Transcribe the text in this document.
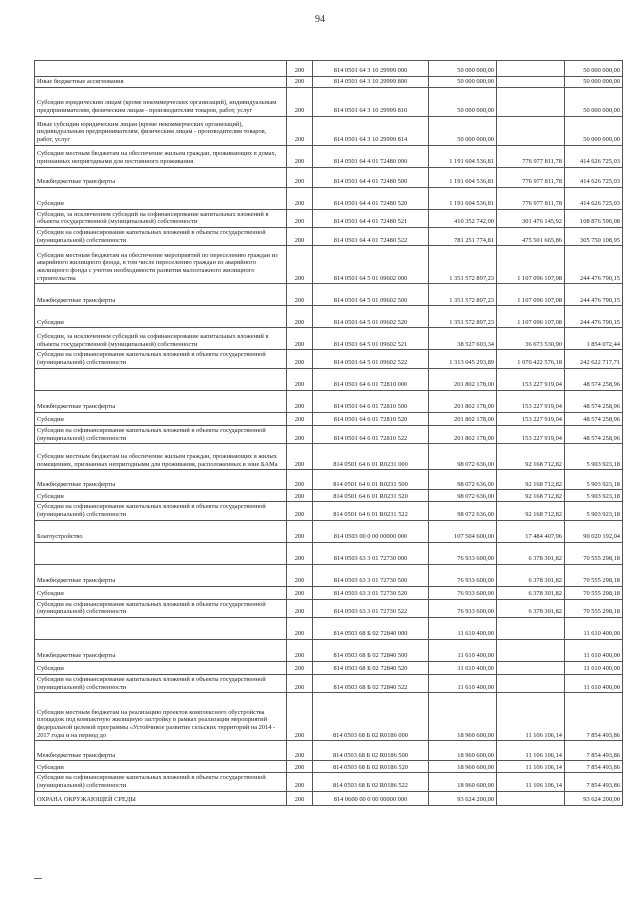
94
	200	814 0501 64 3 10 29999 000	50 000 000,00		50 000 000,00
Иные бюджетные ассигнования	200	814 0501 64 3 10 29999 800	50 000 000,00		50 000 000,00
Субсидии юридическим лицам (кроме некоммерческих организаций), индивидуальным предпринимателям, физическим лицам - производителям товаров, работ, услуг	200	814 0501 64 3 10 29999 810	50 000 000,00		50 000 000,00
Иные субсидии юридическим лицам (кроме некоммерческих организаций), индивидуальным предпринимателям, физическим лицам - производителям товаров, работ, услуг	200	814 0501 64 3 10 29999 814	50 000 000,00		50 000 000,00
Субсидии местным бюджетам на обеспечение жильем граждан, проживающих в домах, признанных непригодными для постоянного проживания	200	814 0501 64 4 01 72480 000	1 191 604 536,81	776 977 811,78	414 626 725,03
Межбюджетные трансферты	200	814 0501 64 4 01 72480 500	1 191 604 536,81	776 977 811,78	414 626 725,03
Субсидии	200	814 0501 64 4 01 72480 520	1 191 604 536,81	776 977 811,78	414 626 725,03
Субсидии, за исключением субсидий на софинансирование капитальных вложений в объекты государственной (муниципальной) собственности	200	814 0501 64 4 01 72480 521	410 352 742,00	301 476 145,92	108 876 596,08
Субсидии на софинансирование капитальных вложений в объекты государственной (муниципальной) собственности	200	814 0501 64 4 01 72480 522	781 251 774,81	475 501 665,86	305 750 108,95
Субсидии местным бюджетам на обеспечение мероприятий по переселению граждан из аварийного жилищного фонда, в том числе переселению граждан из аварийного жилищного фонда с учетом необходимости развития малоэтажного жилищного строительства	200	814 0501 64 5 01 09602 000	1 351 572 897,23	1 107 096 107,08	244 476 790,15
Межбюджетные трансферты	200	814 0501 64 5 01 09602 500	1 351 572 897,23	1 107 096 107,08	244 476 790,15
Субсидии	200	814 0501 64 5 01 09602 520	1 351 572 897,23	1 107 096 107,08	244 476 790,15
Субсидии, за исключением субсидий на софинансирование капитальных вложений в объекты государственной (муниципальной) собственности	200	814 0501 64 5 01 09602 521	38 527 603,34	36 673 530,90	1 854 072,44
Субсидии на софинансирование капитальных вложений в объекты государственной (муниципальной) собственности	200	814 0501 64 5 01 09602 522	1 313 045 293,89	1 070 422 576,18	242 622 717,71
	200	814 0501 64 6 01 72810 000	201 802 178,00	153 227 919,04	48 574 258,96
Межбюджетные трансферты	200	814 0501 64 6 01 72810 500	201 802 178,00	153 227 919,04	48 574 258,96
Субсидии	200	814 0501 64 6 01 72810 520	201 802 178,00	153 227 919,04	48 574 258,96
Субсидии на софинансирование капитальных вложений в объекты государственной (муниципальной) собственности	200	814 0501 64 6 01 72810 522	201 802 178,00	153 227 919,04	48 574 258,96
Субсидии местным бюджетам на обеспечение жильем граждан, проживающих в жилых помещениях, признанных непригодными для проживания, расположенных в зоне БАМа	200	814 0501 64 6 01 R0231 000	98 072 636,00	92 168 712,82	5 903 923,18
Межбюджетные трансферты	200	814 0501 64 6 01 R0231 500	98 072 636,00	92 168 712,82	5 903 923,18
Субсидии	200	814 0501 64 6 01 R0231 520	98 072 636,00	92 168 712,82	5 903 923,18
Субсидии на софинансирование капитальных вложений в объекты государственной (муниципальной) собственности	200	814 0501 64 6 01 R0231 522	98 072 636,00	92 168 712,82	5 903 923,18
Благоустройство	200	814 0503 00 0 00 00000 000	107 504 600,00	17 484 407,96	90 020 192,04
	200	814 0503 63 3 01 72730 000	76 933 600,00	6 378 301,82	70 555 298,18
Межбюджетные трансферты	200	814 0503 63 3 01 72730 500	76 933 600,00	6 378 301,82	70 555 298,18
Субсидии	200	814 0503 63 3 01 72730 520	76 933 600,00	6 378 301,82	70 555 298,18
Субсидии на софинансирование капитальных вложений в объекты государственной (муниципальной) собственности	200	814 0503 63 3 01 72730 522	76 933 600,00	6 378 301,82	70 555 298,18
	200	814 0503 68 Б 02 72840 000	11 610 400,00		11 610 400,00
Межбюджетные трансферты	200	814 0503 68 Б 02 72840 500	11 610 400,00		11 610 400,00
Субсидии	200	814 0503 68 Б 02 72840 520	11 610 400,00		11 610 400,00
Субсидии на софинансирование капитальных вложений в объекты государственной (муниципальной) собственности	200	814 0503 68 Б 02 72840 522	11 610 400,00		11 610 400,00
Субсидии местным бюджетам на реализацию проектов комплексного обустройства площадок под компактную жилищную застройку в рамках реализации мероприятий федеральной целевой программы «Устойчивое развитие сельских территорий на 2014 - 2017 годы и на период до	200	814 0503 68 Б 02 R0186 000	18 960 600,00	11 106 106,14	7 854 493,86
Межбюджетные трансферты	200	814 0503 68 Б 02 R0186 500	18 960 600,00	11 106 106,14	7 854 493,86
Субсидии	200	814 0503 68 Б 02 R0186 520	18 960 600,00	11 106 106,14	7 854 493,86
Субсидии на софинансирование капитальных вложений в объекты государственной (муниципальной) собственности	200	814 0503 68 Б 02 R0186 522	18 960 600,00	11 106 106,14	7 854 493,86
ОХРАНА ОКРУЖАЮЩЕЙ СРЕДЫ	200	814 0600 00 0 00 00000 000	93 624 200,00		93 624 200,00
